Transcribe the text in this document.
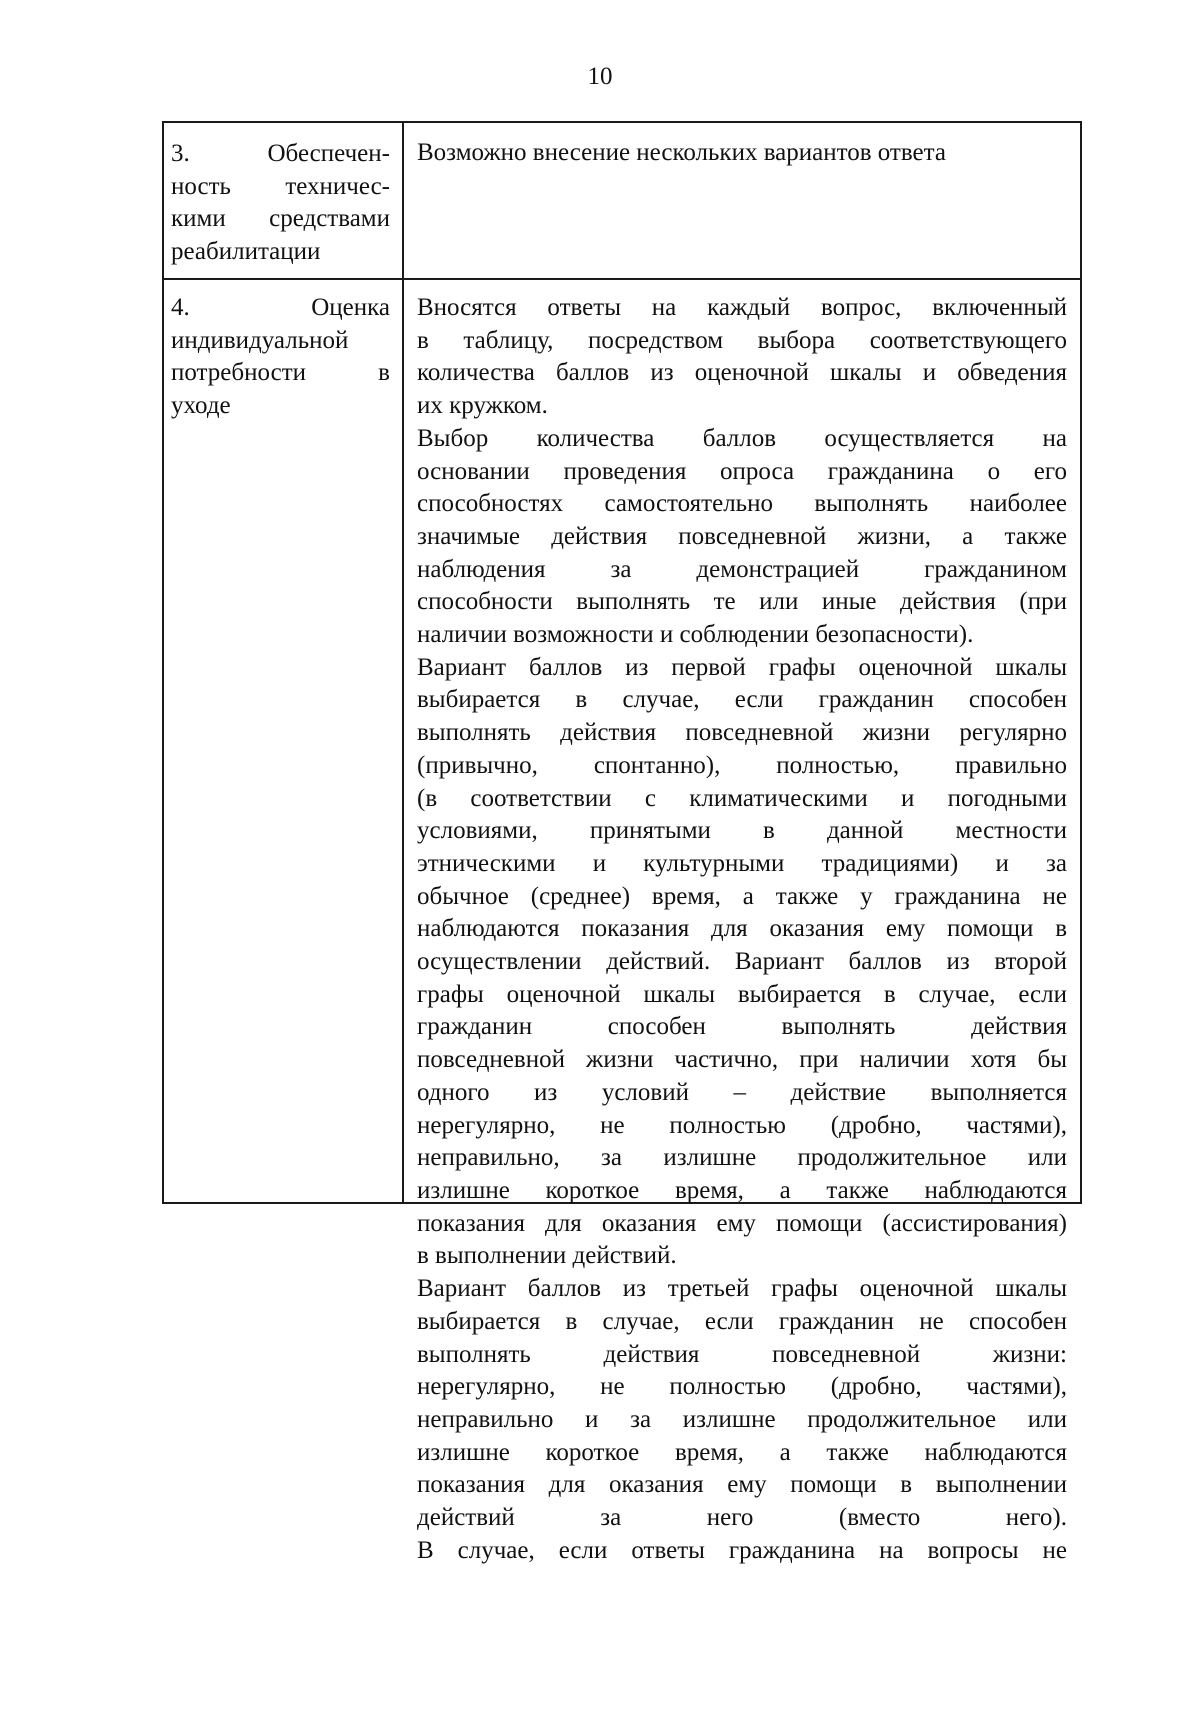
10
3. Обеспечен-
ность техничес-
кими средствами
реабилитации
Возможно внесение нескольких вариантов ответа
4. Оценка
индивидуальной
потребности в
уходе
Вносятся ответы на каждый вопрос, включенный
в таблицу, посредством выбора соответствующего
количества баллов из оценочной шкалы и обведения
их кружком.
Выбор количества баллов осуществляется на
основании проведения опроса гражданина о его
способностях самостоятельно выполнять наиболее
значимые действия повседневной жизни, а также
наблюдения за демонстрацией гражданином
способности выполнять те или иные действия (при
наличии возможности и соблюдении безопасности).
Вариант баллов из первой графы оценочной шкалы
выбирается в случае, если гражданин способен
выполнять действия повседневной жизни регулярно
(привычно, спонтанно), полностью, правильно
(в соответствии с климатическими и погодными
условиями, принятыми в данной местности
этническими и культурными традициями) и за
обычное (среднее) время, а также у гражданина не
наблюдаются показания для оказания ему помощи в
осуществлении действий. Вариант баллов из второй
графы оценочной шкалы выбирается в случае, если
гражданин способен выполнять действия
повседневной жизни частично, при наличии хотя бы
одного из условий – действие выполняется
нерегулярно, не полностью (дробно, частями),
неправильно, за излишне продолжительное или
излишне короткое время, а также наблюдаются
показания для оказания ему помощи (ассистирования)
в выполнении действий.
Вариант баллов из третьей графы оценочной шкалы
выбирается в случае, если гражданин не способен
выполнять действия повседневной жизни:
нерегулярно, не полностью (дробно, частями),
неправильно и за излишне продолжительное или
излишне короткое время, а также наблюдаются
показания для оказания ему помощи в выполнении
действий за него (вместо него).
В случае, если ответы гражданина на вопросы не
